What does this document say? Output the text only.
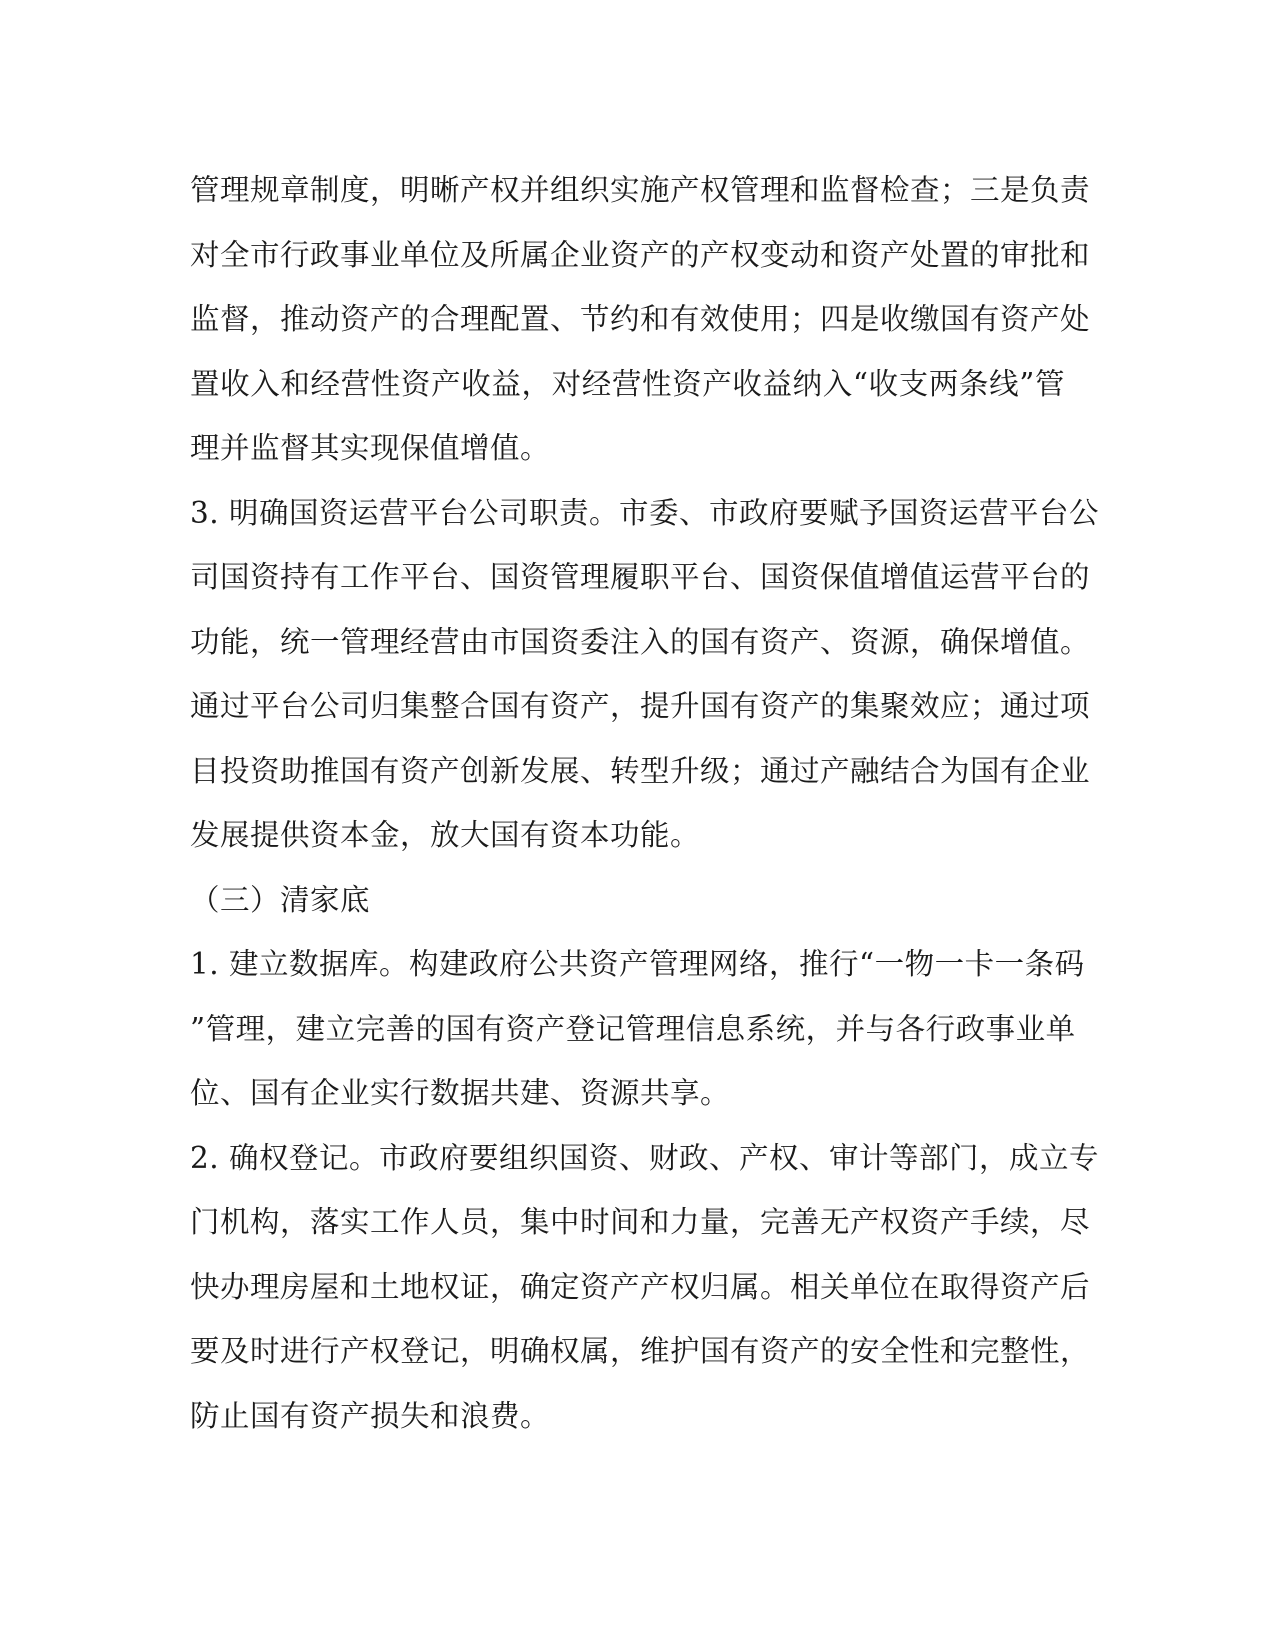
管理规章制度，明晰产权并组织实施产权管理和监督检查；三是负责
对全市行政事业单位及所属企业资产的产权变动和资产处置的审批和
监督，推动资产的合理配置、节约和有效使用；四是收缴国有资产处
置收入和经营性资产收益，对经营性资产收益纳入“收支两条线”管
理并监督其实现保值增值。
3. 明确国资运营平台公司职责。市委、市政府要赋予国资运营平台公
司国资持有工作平台、国资管理履职平台、国资保值增值运营平台的
功能，统一管理经营由市国资委注入的国有资产、资源，确保增值。
通过平台公司归集整合国有资产，提升国有资产的集聚效应；通过项
目投资助推国有资产创新发展、转型升级；通过产融结合为国有企业
发展提供资本金，放大国有资本功能。
（三）清家底
1. 建立数据库。构建政府公共资产管理网络，推行“一物一卡一条码
”管理，建立完善的国有资产登记管理信息系统，并与各行政事业单
位、国有企业实行数据共建、资源共享。
2. 确权登记。市政府要组织国资、财政、产权、审计等部门，成立专
门机构，落实工作人员，集中时间和力量，完善无产权资产手续，尽
快办理房屋和土地权证，确定资产产权归属。相关单位在取得资产后
要及时进行产权登记，明确权属，维护国有资产的安全性和完整性，
防止国有资产损失和浪费。
